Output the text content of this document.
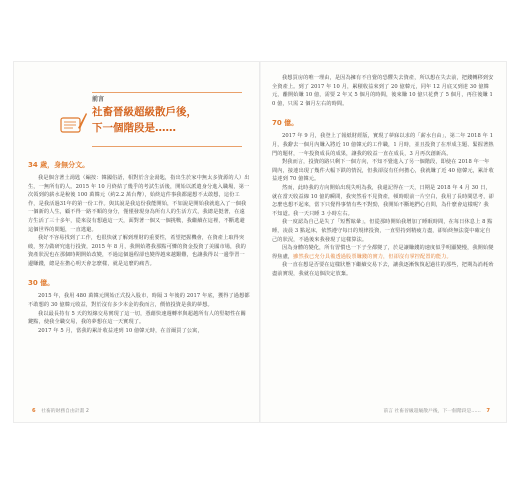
前言
社畜晉級超級散戶後，
下一個階段是……

34 歲，身無分文。

我是個含著土湯匙（編按：韓國俗語，相對於含金湯匙，指出生於家中無太多資源的人）出生，一無所有的人。2015 年 10 月終結了幾乎的考試生活後，開始以派遣身分進入職場，第一次領到的薪水是稅後 100 萬韓元（約2.2 萬台幣），始終這件事我都還想不太敢想，這份工作，是我活過31年的第一份工作。與其說是我這份我能開始，不如說是開始我就進入了一個我一個新的人生，顧不得一路不順的身分，僅僅發現身為所有人的生活方式，我總是挺著，在遠方生活了三十多年，從來沒有想過這一天，面對著一個又一個挑戰，我繼續在這裡，不斷逃避這個世界的問題，一直逃避。

我好不容易找到了工作，也很快就了解到理財的重要性，希望把握機會，在資產上取得突破，努力做研究進行投資，2015 年 8 月，我開始將我那點可憐的資金投資了美國市場，我的資產狀況也在那個時期開始改變，不過這個過程卻也變得越來越艱難，也讓我得以一邊學習一邊賺錢，總是在擔心明天會怎麼樣，就是這麼的痛苦。

30 億。

2015 年，我用 480 萬韓元開始正式投入股市，時隔 3 年後的 2017 年底，獲得了過想都不敢想的 30 億韓元收益，對於沒有多少本金的我而言，價值投資是我的夢想。

我以最長持有 5 天的短線交易實現了這一切，憑藉快速週轉率與超越所有人的堅韌性在關鍵點，使我全職交易，我的夢想在這一天實現了。

2017 年 5 月，當我的累計收益達到 10 億韓元時，在首爾買了公寓，

6 社畜的財務自由計畫 2

我想買房的唯一理由，是因為擁有不自覺的恐懼失去資產，所以想在失去前，把錢轉移到安全資產上。到了 2017 年 10 月，累積收益來到了 20 億韓元，同年 12 月底又到達 30 億韓元，離開始賺 10 億，需要 2 年又 5 個月的時間，後來賺 10 億只花費了 5 個月，再往後賺 10 億，只需 2 個月左右的時間。

70 億。

2017 年 9 月，我登上了報紙財經版，實現了夢寐以求的「薪水自由」，第二年 2018 年 1 月，我辭去一個月內賺入將近 10 億韓元的工作職，1 月時，並且投資了在形成主題、緊握著熱門的題材，一年投資成長的成果，讓我的收益一直在成長，3 月再次創新高。

對我而言，投資的路只剩下一個方向，不知不覺進入了另一個階段，即使在 2018 年一年間內，接連出現了幾件大幅下跌的情況，但我卻沒有任何擔心，我就賺了近 40 億韓元，累計收益達到 70 億韓元。

然而，此時我的方向開始出現失明為我，我還記得在一天，日期是 2018 年 4 月 30 日，就在當天收益線 10 億的瞬間，我突然看不見資產，頓時眼前一片空白，我用了長時間思考，卻怎麼也想不起來，當下只覺得事情有些不對勁，我開始不斷地捫心自問，為什麼會這樣呢？我不知道。我一天只睡 3 小時左右。

我一度認為自己是失了「短暫眩暈」，但從那時開始我增加了睡眠時間，在每日休息上 8 點睡，凌晨 3 點起床，依然遵守每日的規律投資，一直堅持到精疲力盡，卻始終無法從中確定自己的狀況，不過後來我發現了這樣算法。

因為身體的變化，所有習慣也一下子全都變了，於是讓賺錢的速度似乎明顯變慢，我開始變得焦慮，雖然我已充分具備透過股票賺錢的實力，但卻沒有掌控配置的能力。

我一直在想是否要在這樣狀態下繼續交易下去，讓我逐漸恢復起過往的那些，把期為消耗殆盡前實現，我就在這個決定放棄。

前言 社畜晉級超級散戶後，下一個階段是…… 7
